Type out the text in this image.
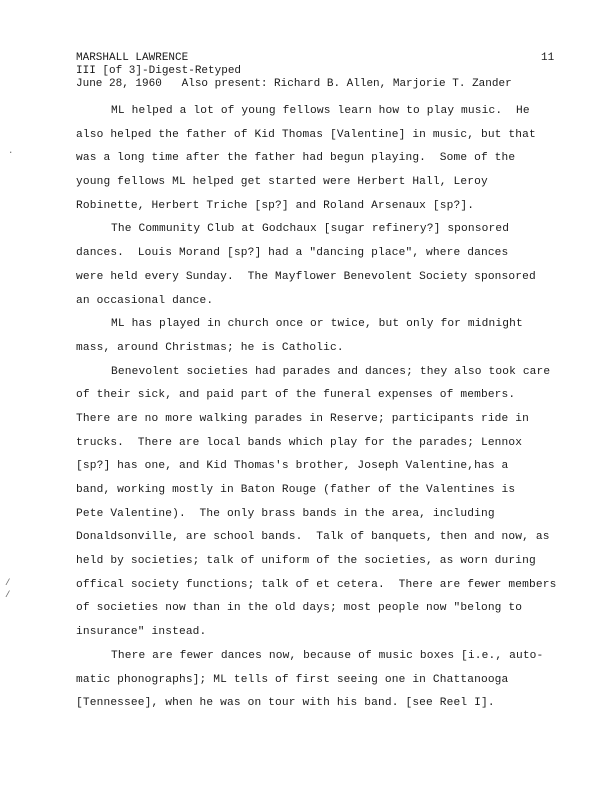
MARSHALL LAWRENCE	11
III [of 3]-Digest-Retyped
June 28, 1960   Also present: Richard B. Allen, Marjorie T. Zander
·
/
/
ML helped a lot of young fellows learn how to play music.  He
also helped the father of Kid Thomas [Valentine] in music, but that
was a long time after the father had begun playing.  Some of the
young fellows ML helped get started were Herbert Hall, Leroy
Robinette, Herbert Triche [sp?] and Roland Arsenaux [sp?].
The Community Club at Godchaux [sugar refinery?] sponsored
dances.  Louis Morand [sp?] had a "dancing place", where dances
were held every Sunday.  The Mayflower Benevolent Society sponsored
an occasional dance.
ML has played in church once or twice, but only for midnight
mass, around Christmas; he is Catholic.
Benevolent societies had parades and dances; they also took care
of their sick, and paid part of the funeral expenses of members.
There are no more walking parades in Reserve; participants ride in
trucks.  There are local bands which play for the parades; Lennox
[sp?] has one, and Kid Thomas's brother, Joseph Valentine,has a
band, working mostly in Baton Rouge (father of the Valentines is
Pete Valentine).  The only brass bands in the area, including
Donaldsonville, are school bands.  Talk of banquets, then and now, as
held by societies; talk of uniform of the societies, as worn during
offical society functions; talk of et cetera.  There are fewer members
of societies now than in the old days; most people now "belong to
insurance" instead.
There are fewer dances now, because of music boxes [i.e., auto-
matic phonographs]; ML tells of first seeing one in Chattanooga
[Tennessee], when he was on tour with his band. [see Reel I].
